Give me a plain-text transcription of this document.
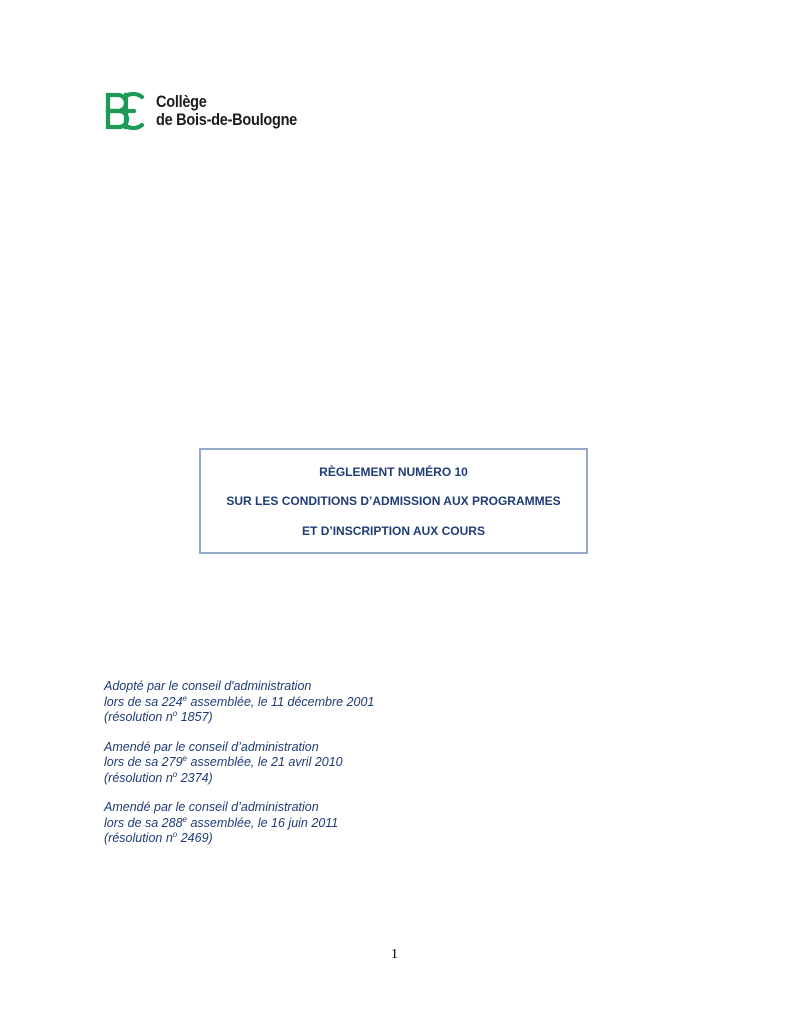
Collège
de Bois-de-Boulogne
RÈGLEMENT NUMÉRO 10
SUR LES CONDITIONS D’ADMISSION AUX PROGRAMMES
ET D’INSCRIPTION AUX COURS
Adopté par le conseil d'administration
lors de sa 224e assemblée, le 11 décembre 2001
(résolution $n^o$ 1857)
Amendé par le conseil d’administration
lors de sa 279e assemblée, le 21 avril 2010
(résolution $n^o$ 2374)
Amendé par le conseil d’administration
lors de sa 288e assemblée, le 16 juin 2011
(résolution $n^o$ 2469)
1
